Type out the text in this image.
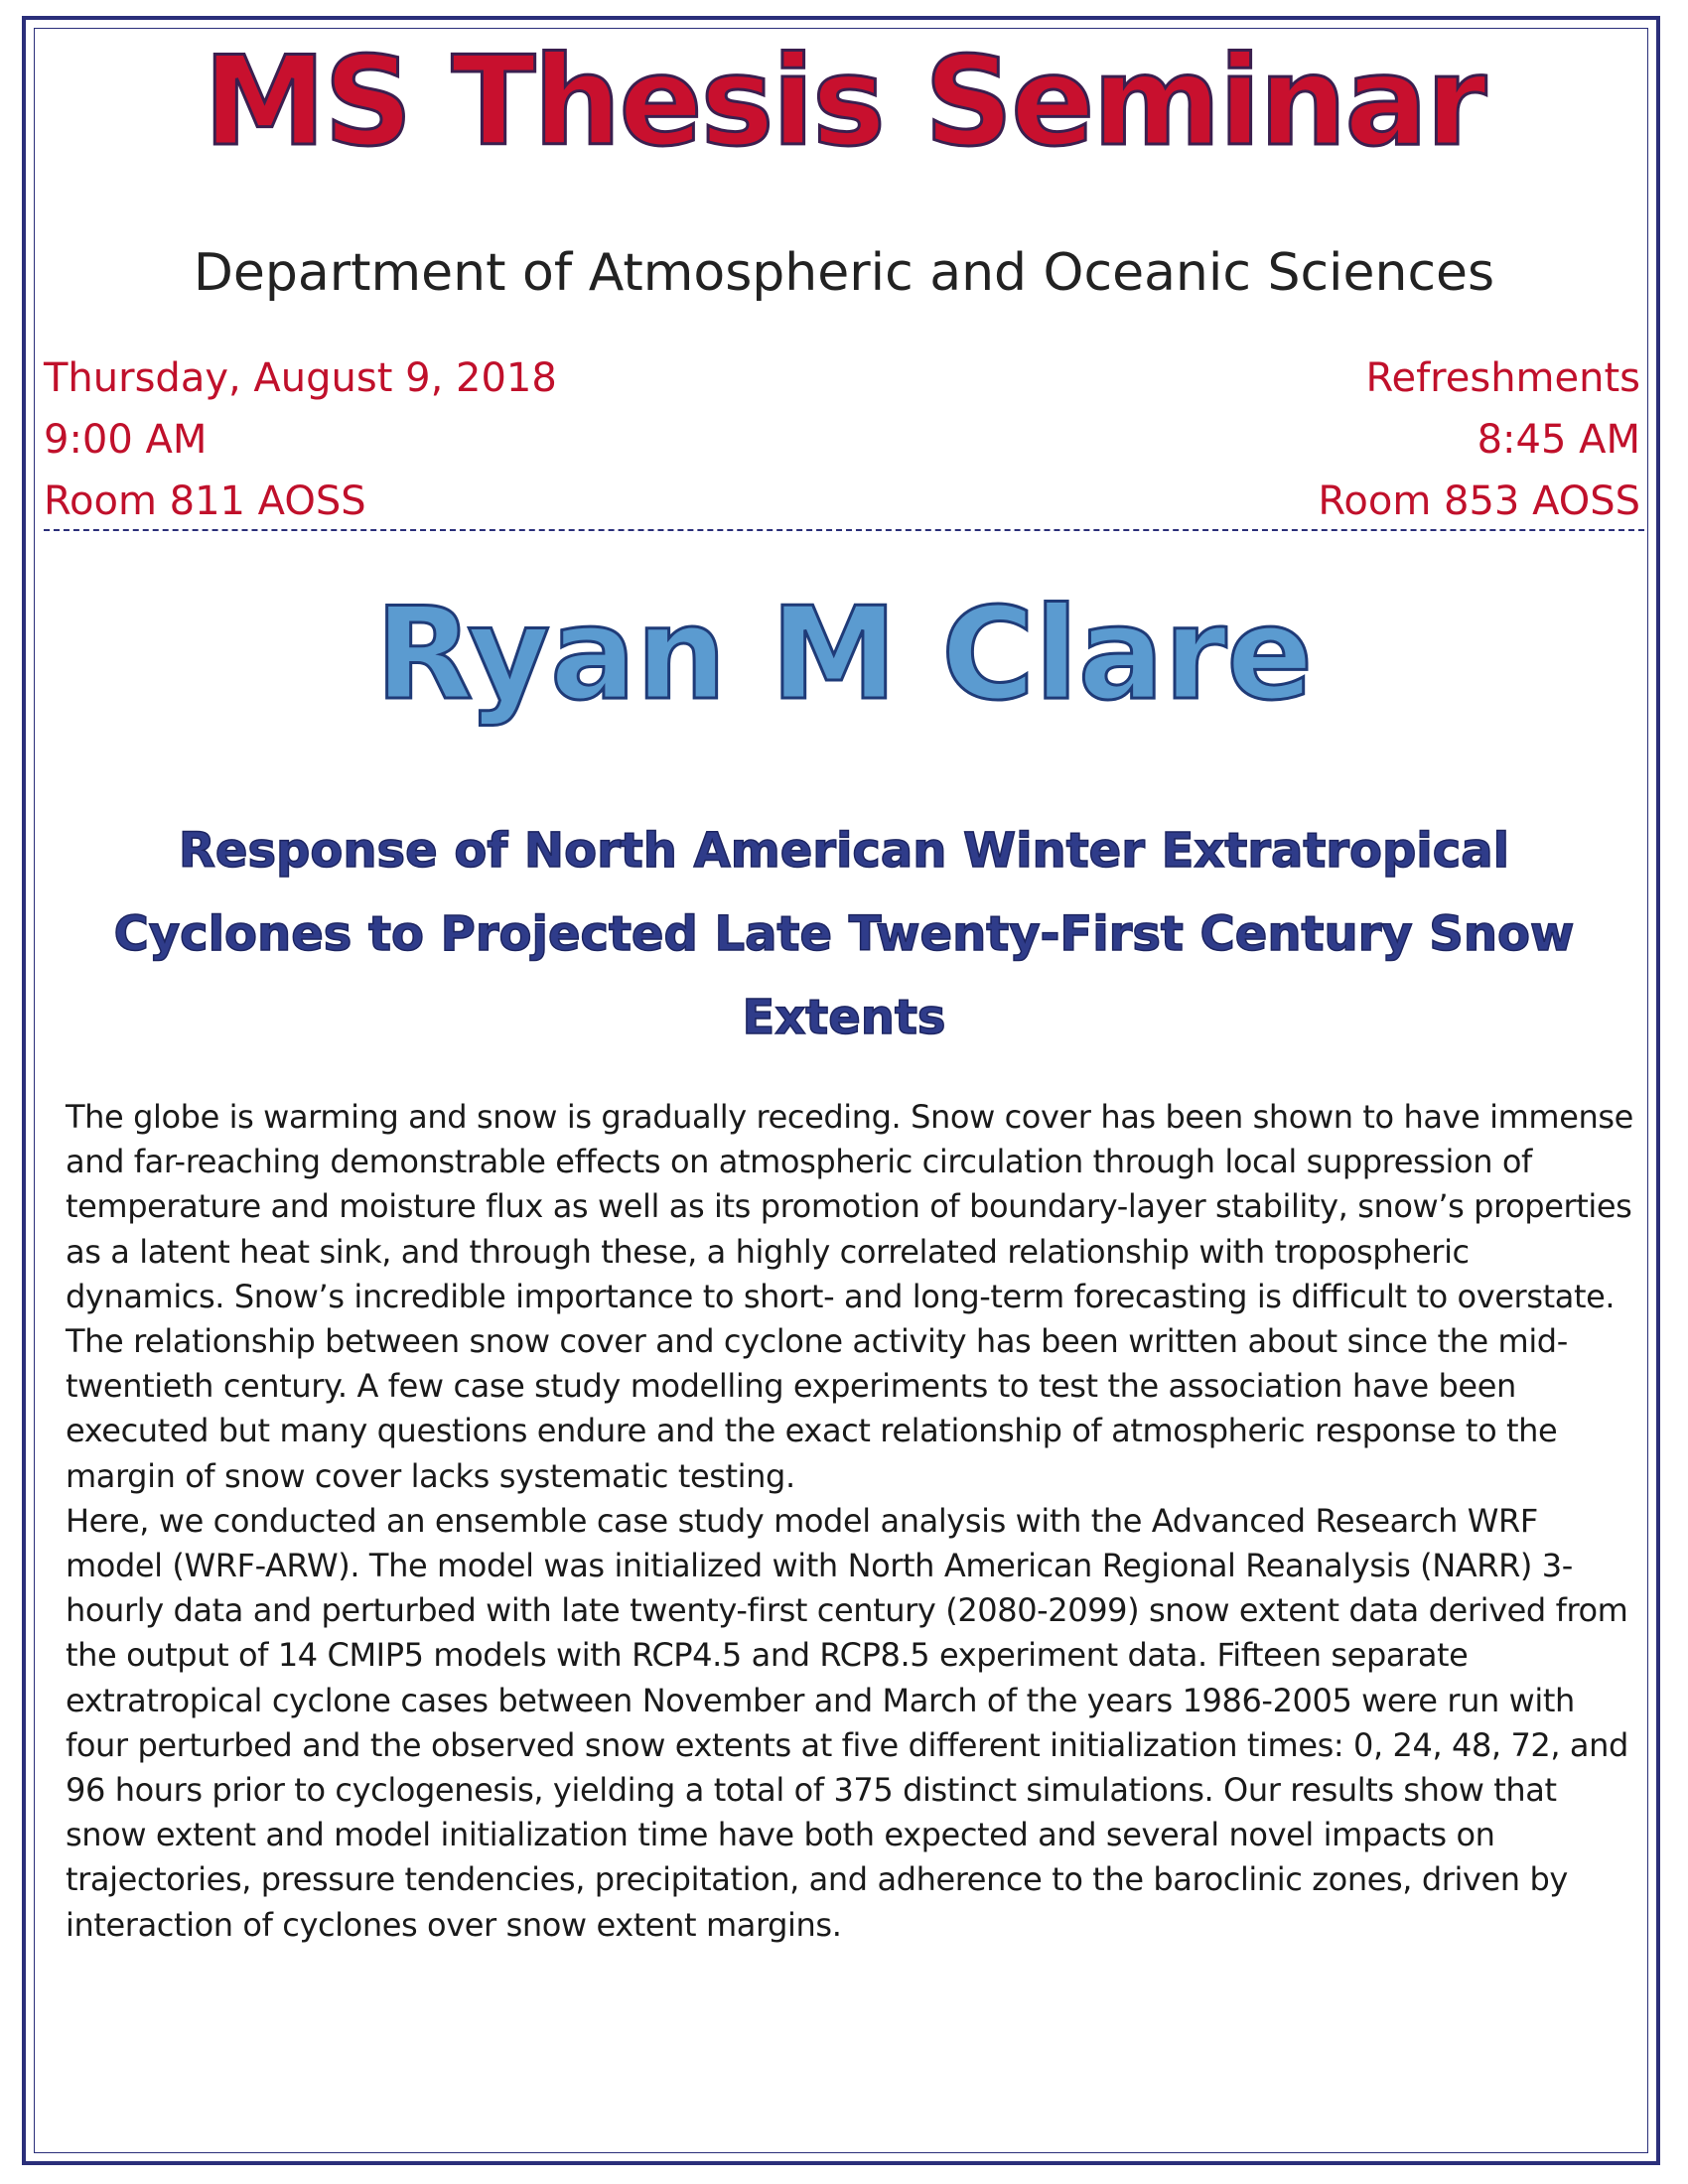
MS Thesis Seminar
Department of Atmospheric and Oceanic Sciences
Thursday, August 9, 2018
9:00 AM
Room 811 AOSS
Refreshments
8:45 AM
Room 853 AOSS
Ryan M Clare
Response of North American Winter Extratropical Cyclones to Projected Late Twenty-First Century Snow Extents

The globe is warming and snow is gradually receding. Snow cover has been shown to have immense and far-reaching demonstrable effects on atmospheric circulation through local suppression of temperature and moisture flux as well as its promotion of boundary-layer stability, snow’s properties as a latent heat sink, and through these, a highly correlated relationship with tropospheric dynamics. Snow’s incredible importance to short- and long-term forecasting is difficult to overstate. The relationship between snow cover and cyclone activity has been written about since the mid-twentieth century. A few case study modelling experiments to test the association have been executed but many questions endure and the exact relationship of atmospheric response to the margin of snow cover lacks systematic testing.

Here, we conducted an ensemble case study model analysis with the Advanced Research WRF model (WRF-ARW). The model was initialized with North American Regional Reanalysis (NARR) 3-hourly data and perturbed with late twenty-first century (2080-2099) snow extent data derived from the output of 14 CMIP5 models with RCP4.5 and RCP8.5 experiment data. Fifteen separate extratropical cyclone cases between November and March of the years 1986-2005 were run with four perturbed and the observed snow extents at five different initialization times: 0, 24, 48, 72, and 96 hours prior to cyclogenesis, yielding a total of 375 distinct simulations. Our results show that snow extent and model initialization time have both expected and several novel impacts on trajectories, pressure tendencies, precipitation, and adherence to the baroclinic zones, driven by interaction of cyclones over snow extent margins.
